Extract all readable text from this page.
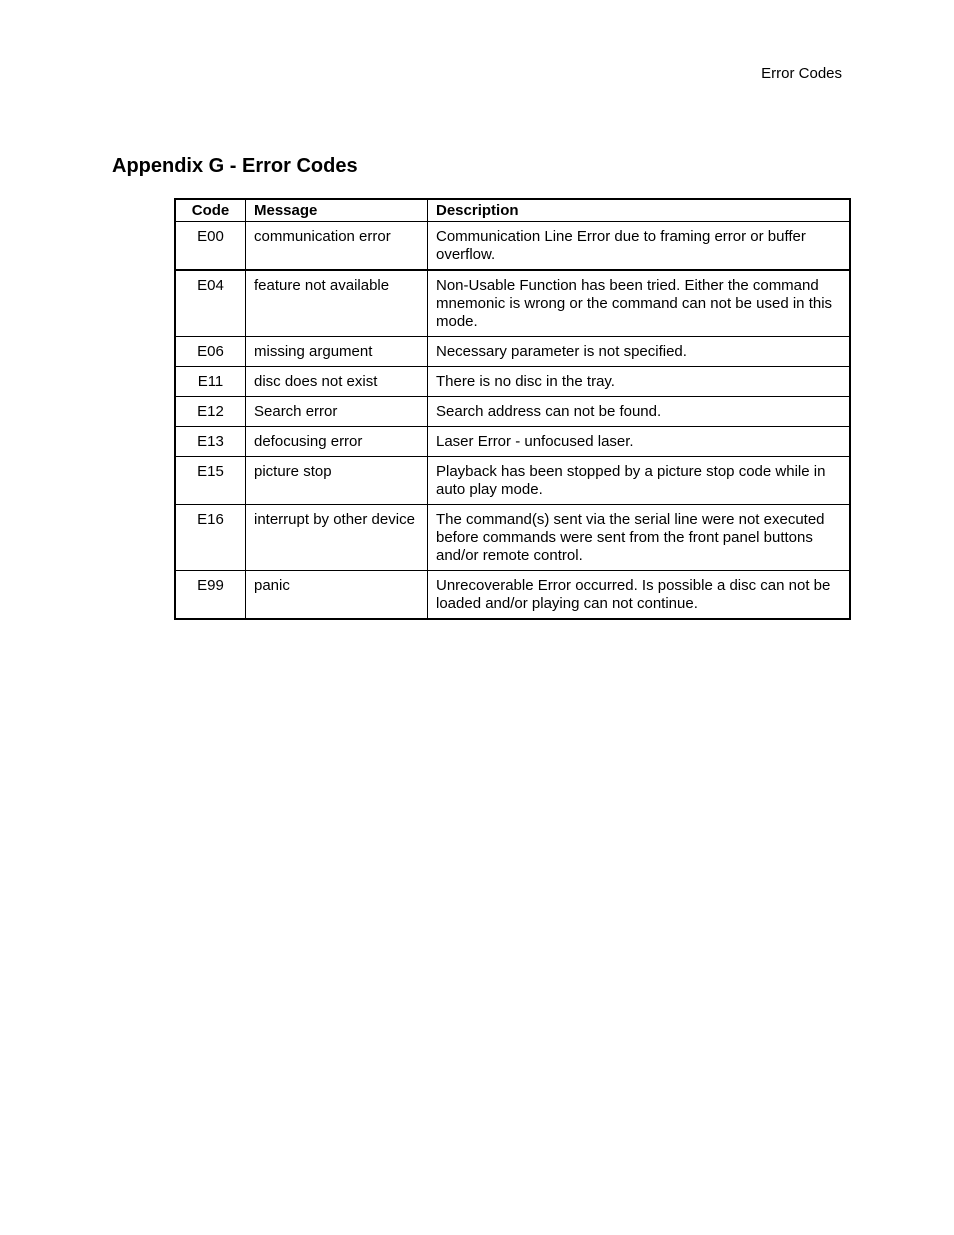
Error Codes
Appendix G - Error Codes
Code	Message	Description
E00	communication error	Communication Line Error due to framing error or buffer overflow.
E04	feature not available	Non-Usable Function has been tried. Either the command mnemonic is wrong or the command can not be used in this mode.
E06	missing argument	Necessary parameter is not specified.
E11	disc does not exist	There is no disc in the tray.
E12	Search error	Search address can not be found.
E13	defocusing error	Laser Error - unfocused laser.
E15	picture stop	Playback has been stopped by a picture stop code while in auto play mode.
E16	interrupt by other device	The command(s) sent via the serial line were not executed before commands were sent from the front panel buttons and/or remote control.
E99	panic	Unrecoverable Error occurred. Is possible a disc can not be loaded and/or playing can not continue.
